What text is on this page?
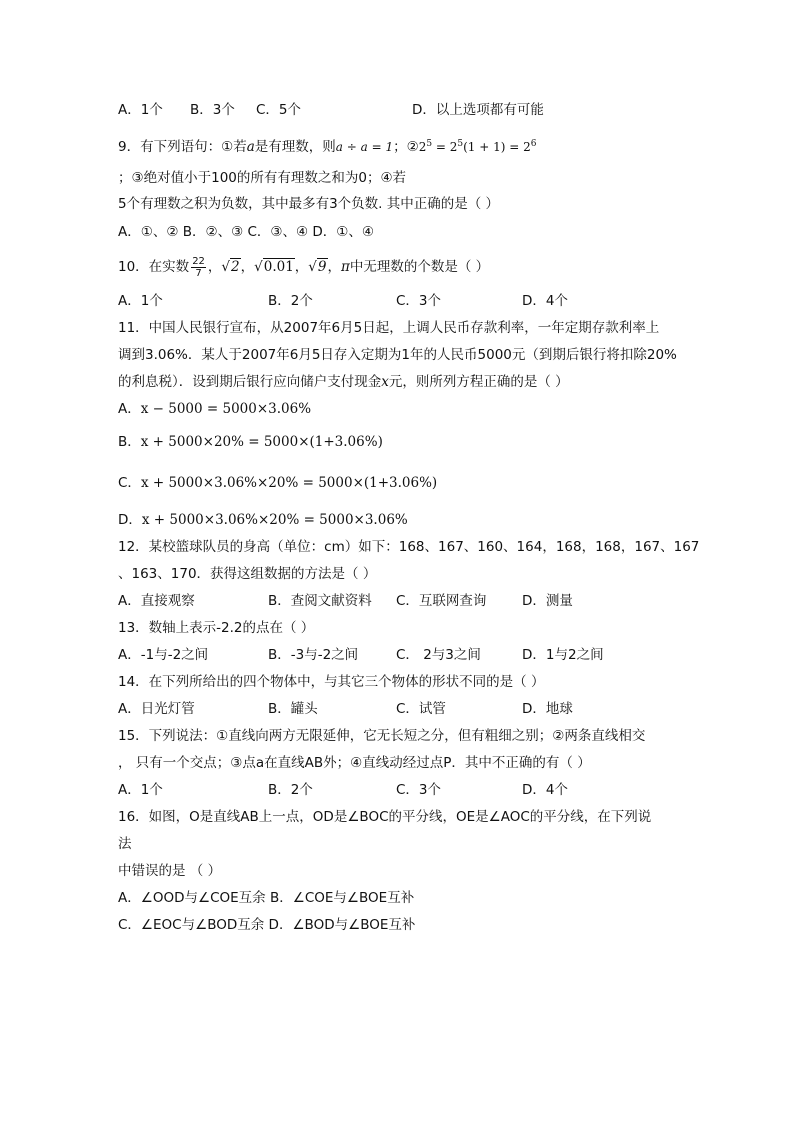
A．1个 B．3个 C．5个	D．以上选项都有可能
9．有下列语句：①若a是有理数，则a ÷ a = 1；$②2^5 = 2^5(1 + 1) = 2^6$
；③绝对值小于100的所有有理数之和为0；④若
5个有理数之积为负数，其中最多有3个负数. 其中正确的是（ ）
A．①、② B．②、③ C．③、④ D．①、④
10．在实数 $\frac{22}{7}$ ，√2，√0.01，√9，π中无理数的个数是（ ）
A．1个	B．2个	C．3个	D．4个
11．中国人民银行宣布，从2007年6月5日起，上调人民币存款利率，一年定期存款利率上
调到3.06%．某人于2007年6月5日存入定期为1年的人民币5000元（到期后银行将扣除20%
的利息税）．设到期后银行应向储户支付现金x元，则所列方程正确的是（ ）
A．x − 5000 = 5000×3.06%
B．x + 5000×20% = 5000×(1+3.06%)
C．x + 5000×3.06%×20% = 5000×(1+3.06%)
D．x + 5000×3.06%×20% = 5000×3.06%
12．某校篮球队员的身高（单位：cm）如下：168、167、160、164，168，168，167、167
、163、170．获得这组数据的方法是（ ）
A．直接观察	B．查阅文献资料 C．互联网查询	D．测量
13．数轴上表示-2.2的点在（ ）
A．-1与-2之间	B．-3与-2之间	C． 2与3之间	D．1与2之间
14．在下列所给出的四个物体中，与其它三个物体的形状不同的是（ ）
A．日光灯管	B．罐头	C．试管	D．地球
15．下列说法：①直线向两方无限延伸，它无长短之分，但有粗细之别；②两条直线相交
， 只有一个交点；③点a在直线AB外；④直线动经过点P．其中不正确的有（ ）
A．1个	B．2个	C．3个	D．4个
16．如图，O是直线AB上一点，OD是∠BOC的平分线，OE是∠AOC的平分线，在下列说
法
中错误的是 （ ）
A．∠OOD与∠COE互余 B．∠COE与∠BOE互补
C．∠EOC与∠BOD互余 D．∠BOD与∠BOE互补
